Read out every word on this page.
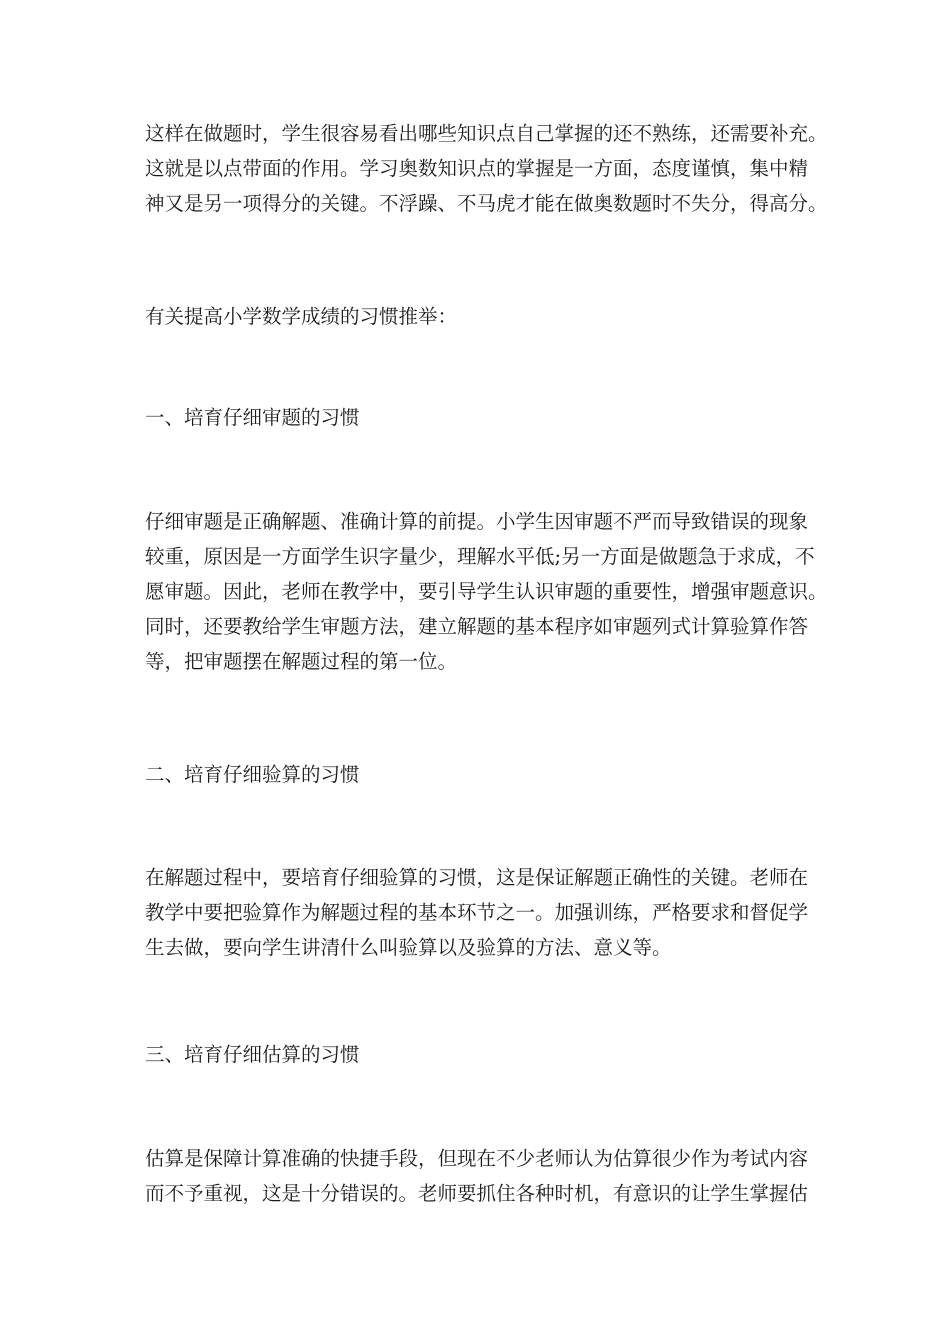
这样在做题时，学生很容易看出哪些知识点自己掌握的还不熟练，还需要补充。
这就是以点带面的作用。学习奥数知识点的掌握是一方面，态度谨慎，集中精
神又是另一项得分的关键。不浮躁、不马虎才能在做奥数题时不失分，得高分。

有关提高小学数学成绩的习惯推举：

一、培育仔细审题的习惯

仔细审题是正确解题、准确计算的前提。小学生因审题不严而导致错误的现象
较重，原因是一方面学生识字量少，理解水平低;另一方面是做题急于求成，不
愿审题。因此，老师在教学中，要引导学生认识审题的重要性，增强审题意识。
同时，还要教给学生审题方法，建立解题的基本程序如审题列式计算验算作答
等，把审题摆在解题过程的第一位。

二、培育仔细验算的习惯

在解题过程中，要培育仔细验算的习惯，这是保证解题正确性的关键。老师在
教学中要把验算作为解题过程的基本环节之一。加强训练，严格要求和督促学
生去做，要向学生讲清什么叫验算以及验算的方法、意义等。

三、培育仔细估算的习惯

估算是保障计算准确的快捷手段，但现在不少老师认为估算很少作为考试内容
而不予重视，这是十分错误的。老师要抓住各种时机，有意识的让学生掌握估
